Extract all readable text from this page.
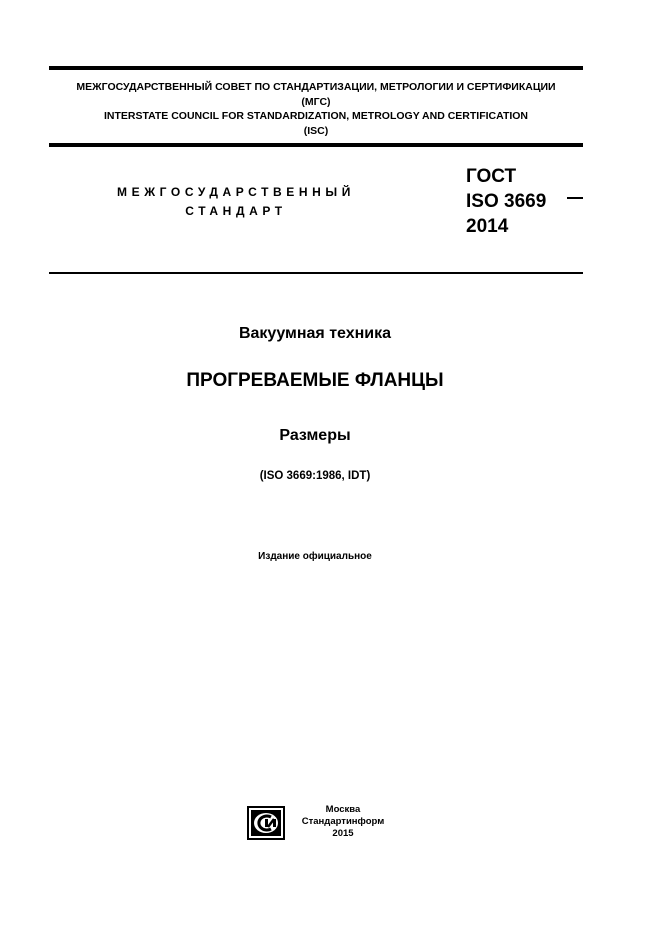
МЕЖГОСУДАРСТВЕННЫЙ СОВЕТ ПО СТАНДАРТИЗАЦИИ, МЕТРОЛОГИИ И СЕРТИФИКАЦИИ
(МГС)
INTERSTATE COUNCIL FOR STANDARDIZATION, METROLOGY AND CERTIFICATION
(ISC)
МЕЖГОСУДАРСТВЕННЫЙ
СТАНДАРТ
ГОСТ
ISO 3669
2014
Вакуумная техника
ПРОГРЕВАЕМЫЕ ФЛАНЦЫ
Размеры
(ISO 3669:1986, IDT)
Издание официальное
Москва
Стандартинформ
2015
